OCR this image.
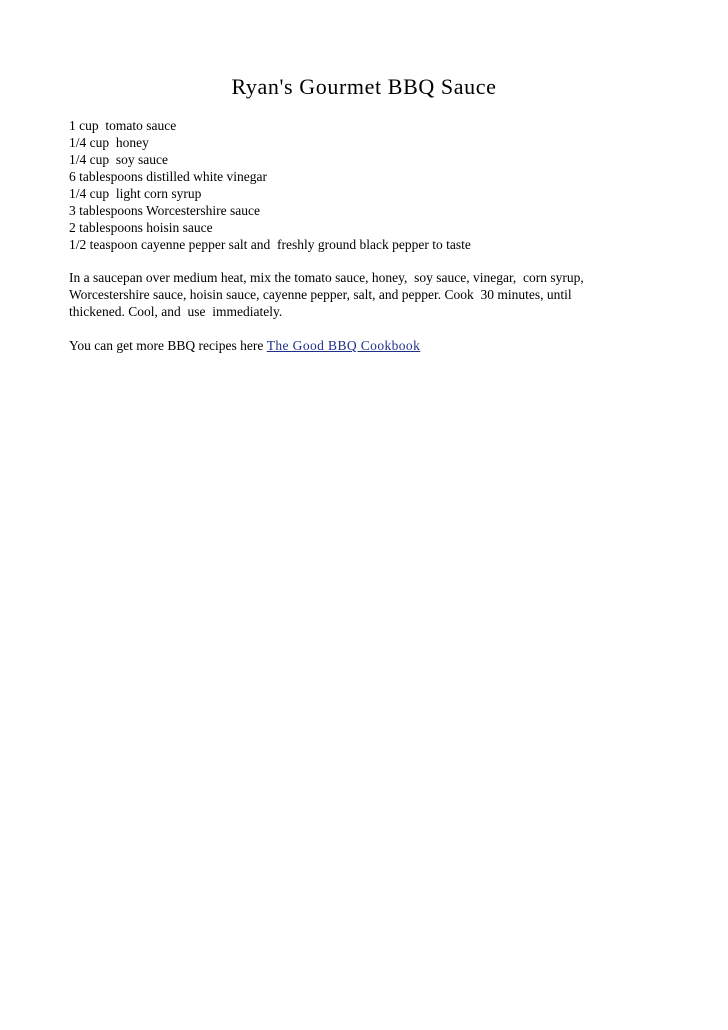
Ryan's Gourmet BBQ Sauce
1 cup  tomato sauce
1/4 cup  honey
1/4 cup  soy sauce
6 tablespoons distilled white vinegar
1/4 cup  light corn syrup
3 tablespoons Worcestershire sauce
2 tablespoons hoisin sauce
1/2 teaspoon cayenne pepper salt and  freshly ground black pepper to taste

In a saucepan over medium heat, mix the tomato sauce, honey,  soy sauce, vinegar,  corn syrup,
Worcestershire sauce, hoisin sauce, cayenne pepper, salt, and pepper. Cook  30 minutes, until
thickened. Cool, and  use  immediately.

You can get more BBQ recipes here The Good BBQ Cookbook
